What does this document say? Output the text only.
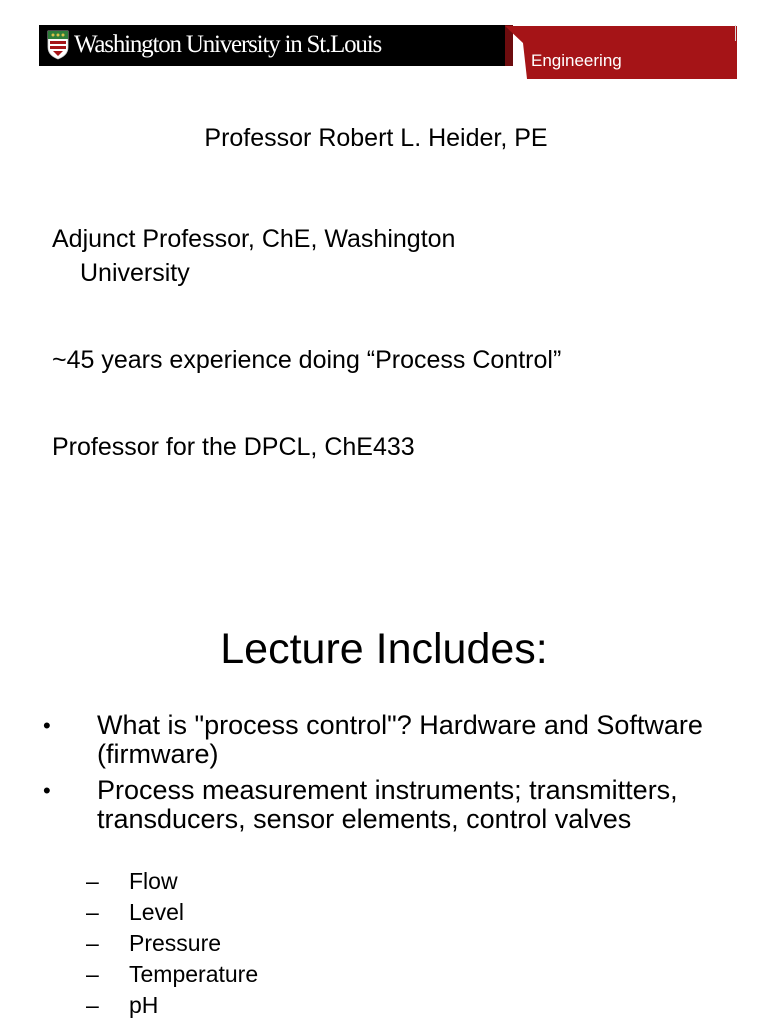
Washington University in St.Louis
Engineering
Professor Robert L. Heider, PE
Adjunct Professor, ChE, Washington
University
~45 years experience doing “Process Control”
Professor for the DPCL, ChE433
Lecture Includes:
• What is "process control"? Hardware and Software (firmware)
• Process measurement instruments; transmitters, transducers, sensor elements, control valves
– Flow
– Level
– Pressure
– Temperature
– pH
